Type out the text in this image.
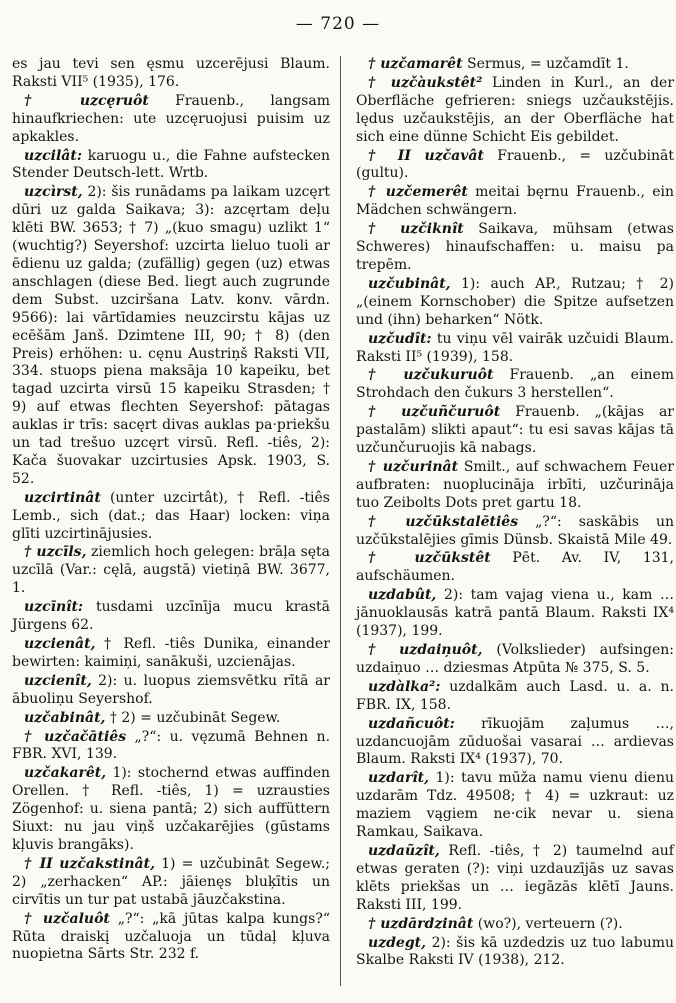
— 720 —

es jau tevi sen ęsmu uzcerējusi Blaum. Raksti VII⁵ (1935), 176.

† uzcęruôt Frauenb., langsam hinaufkriechen: ute uzcęruojusi puisim uz apkakles.

uzcilât: karuogu u., die Fahne aufstecken Stender Deutsch-lett. Wrtb.

uzcìrst, 2): šis runādams pa laikam uzcęrt dūri uz galda Saikava; 3): azcęrtam deļu klēti BW. 3653; † 7) „(kuo smagu) uzlikt 1“ (wuchtig?) Seyershof: uzcirta lieluo tuoli ar ēdienu uz galda; (zufällig) gegen (uz) etwas anschlagen (diese Bed. liegt auch zugrunde dem Subst. uzciršana Latv. konv. vārdn. 9566): lai vārtīdamies neuzcirstu kājas uz ecēšām Janš. Dzimtene III, 90; † 8) (den Preis) erhöhen: u. cęnu Austriņš Raksti VII, 334. stuops piena maksāja 10 kapeiku, bet tagad uzcirta virsū 15 kapeiku Strasden; † 9) auf etwas flechten Seyershof: pātagas auklas ir trīs: sacęrt divas auklas pa·priekšu un tad trešuo uzcęrt virsū. Refl. -tiês, 2): Kača šuovakar uzcirtusies Apsk. 1903, S. 52.

uzcirtinât (unter uzcirtât), † Refl. -tiês Lemb., sich (dat.; das Haar) locken: viņa glīti uzcirtinājusies.

† uzcīls, ziemlich hoch gelegen: brāļa sęta uzcīlā (Var.: cęlā, augstā) vietiņā BW. 3677, 1.

uzcīnît: tusdami uzcīnīja mucu krastā Jürgens 62.

uzcienât, † Refl. -tiês Dunika, einander bewirten: kaimiņi, sanākuši, uzcienājas.

uzcienît, 2): u. luopus ziemsvētku rītā ar ābuoliņu Seyershof.

uzčabinât, † 2) = uzčubināt Segew.

† uzčačātiês „?“: u. vęzumā Behnen n. FBR. XVI, 139.

uzčakarêt, 1): stochernd etwas auffinden Orellen. † Refl. -tiês, 1) = uzrausties Zögenhof: u. siena pantā; 2) sich auffüttern Siuxt: nu jau viņš uzčakarējies (gūstams kļuvis brangāks).

† II uzčakstinât, 1) = uzčubināt Segew.; 2) „zerhacken“ AP.: jāienęs bluķītis un cirvītis un tur pat ustabā jāuzčakstina.

† uzčaluôt „?“: „kā jūtas kalpa kungs?“ Rūta draiskį uzčaluoja un tūdaļ kļuva nuopietna Sārts Str. 232 f.

† uzčamarêt Sermus, = uzčamdīt 1.

† uzčàukstêt² Linden in Kurl., an der Oberfläche gefrieren: sniegs uzčaukstējis. lędus uzčaukstējis, an der Oberfläche hat sich eine dünne Schicht Eis gebildet.

† II uzčavât Frauenb., = uzčubināt (gultu).

† uzčemerêt meitai bęrnu Frauenb., ein Mädchen schwängern.

† uzčiknît Saikava, mühsam (etwas Schweres) hinaufschaffen: u. maisu pa trepēm.

uzčubinât, 1): auch AP., Rutzau; † 2) „(einem Kornschober) die Spitze aufsetzen und (ihn) beharken“ Nötk.

uzčudît: tu viņu vēl vairāk uzčuidi Blaum. Raksti II⁵ (1939), 158.

† uzčukuruôt Frauenb. „an einem Strohdach den čukurs 3 herstellen“.

† uzčuñčuruôt Frauenb. „(kājas ar pastalām) slikti apaut“: tu esi savas kājas tā uzčunčuruojis kā nabags.

† uzčurinât Smilt., auf schwachem Feuer aufbraten: nuoplucināja irbīti, uzčurināja tuo Zeibolts Dots pret gartu 18.

† uzčūkstalētiês „?“: saskābis un uzčūkstalējies gīmis Dünsb. Skaistā Mile 49.

† uzčūkstêt Pēt. Av. IV, 131, aufschäumen.

uzdabût, 2): tam vajag viena u., kam … jānuoklausās katrā pantā Blaum. Raksti IX⁴ (1937), 199.

† uzdaiņuôt, (Volkslieder) aufsingen: uzdaiņuo … dziesmas Atpūta № 375, S. 5.

uzdàlka²: uzdalkām auch Lasd. u. a. n. FBR. IX, 158.

uzdañcuôt: rīkuojām zaļumus …, uzdancuojām zūduošai vasarai … ardievas Blaum. Raksti IX⁴ (1937), 70.

uzdarît, 1): tavu mūža namu vienu dienu uzdarām Tdz. 49508; † 4) = uzkraut: uz maziem vągiem ne·cik nevar u. siena Ramkau, Saikava.

uzdaũzît, Refl. -tiês, † 2) taumelnd auf etwas geraten (?): viņi uzdauzījās uz savas klēts priekšas un … iegāzās klētī Jauns. Raksti III, 199.

† uzdārdzinât (wo?), verteuern (?).

uzdegt, 2): šis kā uzdedzis uz tuo labumu Skalbe Raksti IV (1938), 212.
